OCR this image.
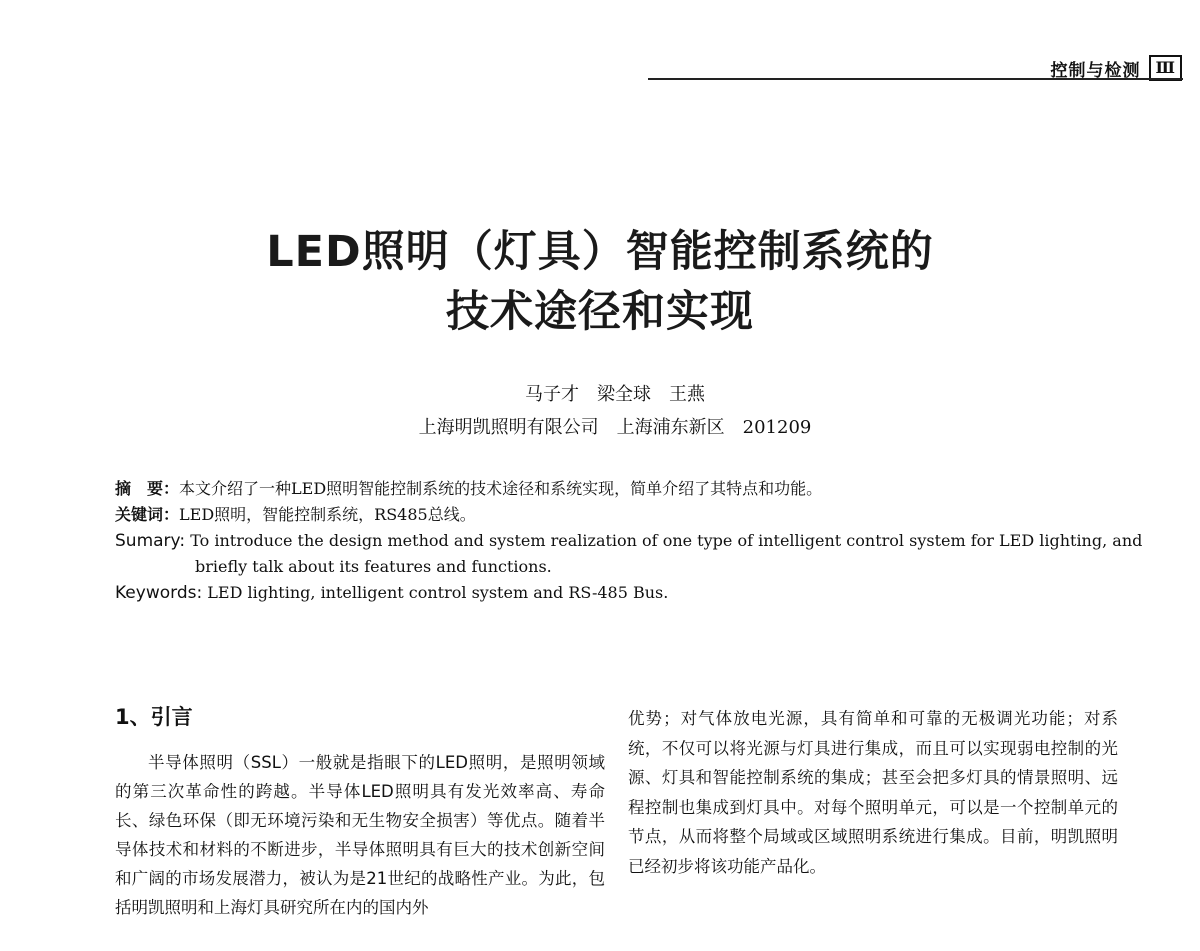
控制与检测 Ⅲ
LED照明（灯具）智能控制系统的
技术途径和实现
马子才　梁全球　王燕
上海明凯照明有限公司　上海浦东新区　201209
摘　要：本文介绍了一种LED照明智能控制系统的技术途径和系统实现，简单介绍了其特点和功能。
关键词：LED照明，智能控制系统，RS485总线。
Sumary: To introduce the design method and system realization of one type of intelligent control system for LED lighting, and
briefly talk about its features and functions.
Keywords: LED lighting, intelligent control system and RS-485 Bus.
1、引言

半导体照明（SSL）一般就是指眼下的LED照明，是照明领域的第三次革命性的跨越。半导体LED照明具有发光效率高、寿命长、绿色环保（即无环境污染和无生物安全损害）等优点。随着半导体技术和材料的不断进步，半导体照明具有巨大的技术创新空间和广阔的市场发展潜力，被认为是21世纪的战略性产业。为此，包括明凯照明和上海灯具研究所在内的国内外

优势；对气体放电光源，具有简单和可靠的无极调光功能；对系统，不仅可以将光源与灯具进行集成，而且可以实现弱电控制的光源、灯具和智能控制系统的集成；甚至会把多灯具的情景照明、远程控制也集成到灯具中。对每个照明单元，可以是一个控制单元的节点，从而将整个局域或区域照明系统进行集成。目前，明凯照明已经初步将该功能产品化。
